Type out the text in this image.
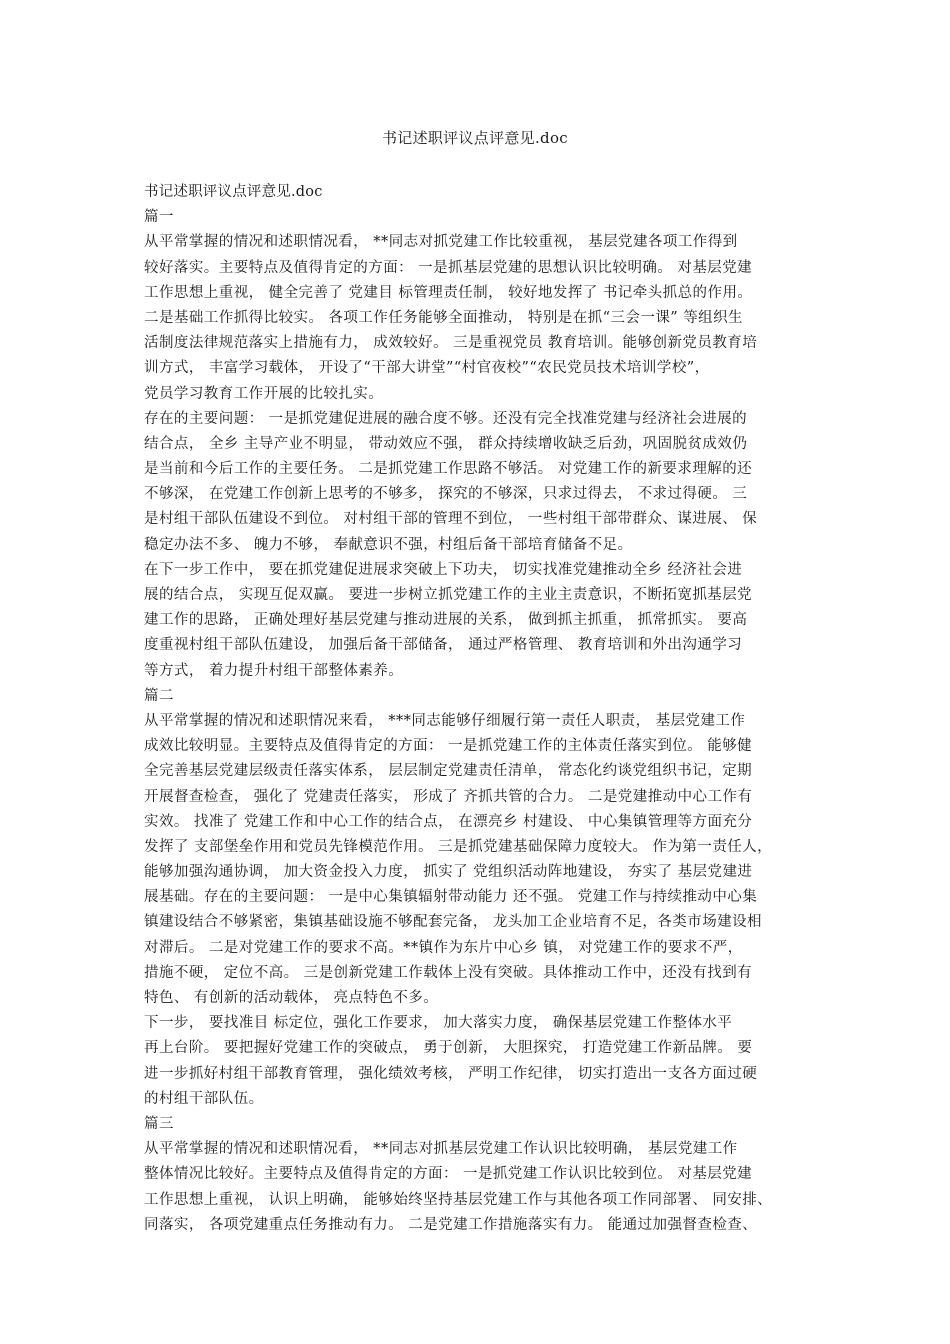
书记述职评议点评意见.doc
书记述职评议点评意见.doc
篇一
从平常掌握的情况和述职情况看， **同志对抓党建工作比较重视， 基层党建各项工作得到
较好落实。主要特点及值得肯定的方面： 一是抓基层党建的思想认识比较明确。 对基层党建
工作思想上重视， 健全完善了 党建目 标管理责任制， 较好地发挥了 书记牵头抓总的作用。
二是基础工作抓得比较实。 各项工作任务能够全面推动， 特别是在抓“三会一课” 等组织生
活制度法律规范落实上措施有力， 成效较好。 三是重视党员 教育培训。能够创新党员教育培
训方式， 丰富学习载体， 开设了“干部大讲堂”“村官夜校”“农民党员技术培训学校”，
党员学习教育工作开展的比较扎实。
存在的主要问题： 一是抓党建促进展的融合度不够。还没有完全找准党建与经济社会进展的
结合点， 全乡 主导产业不明显， 带动效应不强， 群众持续增收缺乏后劲，巩固脱贫成效仍
是当前和今后工作的主要任务。 二是抓党建工作思路不够活。 对党建工作的新要求理解的还
不够深， 在党建工作创新上思考的不够多， 探究的不够深，只求过得去， 不求过得硬。 三
是村组干部队伍建设不到位。 对村组干部的管理不到位， 一些村组干部带群众、谋进展、 保
稳定办法不多、 魄力不够， 奉献意识不强，村组后备干部培育储备不足。
在下一步工作中， 要在抓党建促进展求突破上下功夫， 切实找准党建推动全乡 经济社会进
展的结合点， 实现互促双赢。 要进一步树立抓党建工作的主业主责意识，不断拓宽抓基层党
建工作的思路， 正确处理好基层党建与推动进展的关系， 做到抓主抓重， 抓常抓实。 要高
度重视村组干部队伍建设， 加强后备干部储备， 通过严格管理、 教育培训和外出沟通学习
等方式， 着力提升村组干部整体素养。
篇二
从平常掌握的情况和述职情况来看， ***同志能够仔细履行第一责任人职责， 基层党建工作
成效比较明显。主要特点及值得肯定的方面： 一是抓党建工作的主体责任落实到位。 能够健
全完善基层党建层级责任落实体系， 层层制定党建责任清单， 常态化约谈党组织书记，定期
开展督查检查， 强化了 党建责任落实， 形成了 齐抓共管的合力。 二是党建推动中心工作有
实效。 找准了 党建工作和中心工作的结合点， 在漂亮乡 村建设、 中心集镇管理等方面充分
发挥了 支部堡垒作用和党员先锋模范作用。 三是抓党建基础保障力度较大。 作为第一责任人，
能够加强沟通协调， 加大资金投入力度， 抓实了 党组织活动阵地建设， 夯实了 基层党建进
展基础。存在的主要问题： 一是中心集镇辐射带动能力 还不强。 党建工作与持续推动中心集
镇建设结合不够紧密，集镇基础设施不够配套完备， 龙头加工企业培育不足，各类市场建设相
对滞后。 二是对党建工作的要求不高。**镇作为东片中心乡 镇， 对党建工作的要求不严，
措施不硬， 定位不高。 三是创新党建工作载体上没有突破。具体推动工作中，还没有找到有
特色、 有创新的活动载体， 亮点特色不多。
下一步， 要找准目 标定位，强化工作要求， 加大落实力度， 确保基层党建工作整体水平
再上台阶。 要把握好党建工作的突破点， 勇于创新， 大胆探究， 打造党建工作新品牌。 要
进一步抓好村组干部教育管理， 强化绩效考核， 严明工作纪律， 切实打造出一支各方面过硬
的村组干部队伍。
篇三
从平常掌握的情况和述职情况看， **同志对抓基层党建工作认识比较明确， 基层党建工作
整体情况比较好。主要特点及值得肯定的方面： 一是抓党建工作认识比较到位。 对基层党建
工作思想上重视， 认识上明确， 能够始终坚持基层党建工作与其他各项工作同部署、 同安排、
同落实， 各项党建重点任务推动有力。 二是党建工作措施落实有力。 能通过加强督查检查、
